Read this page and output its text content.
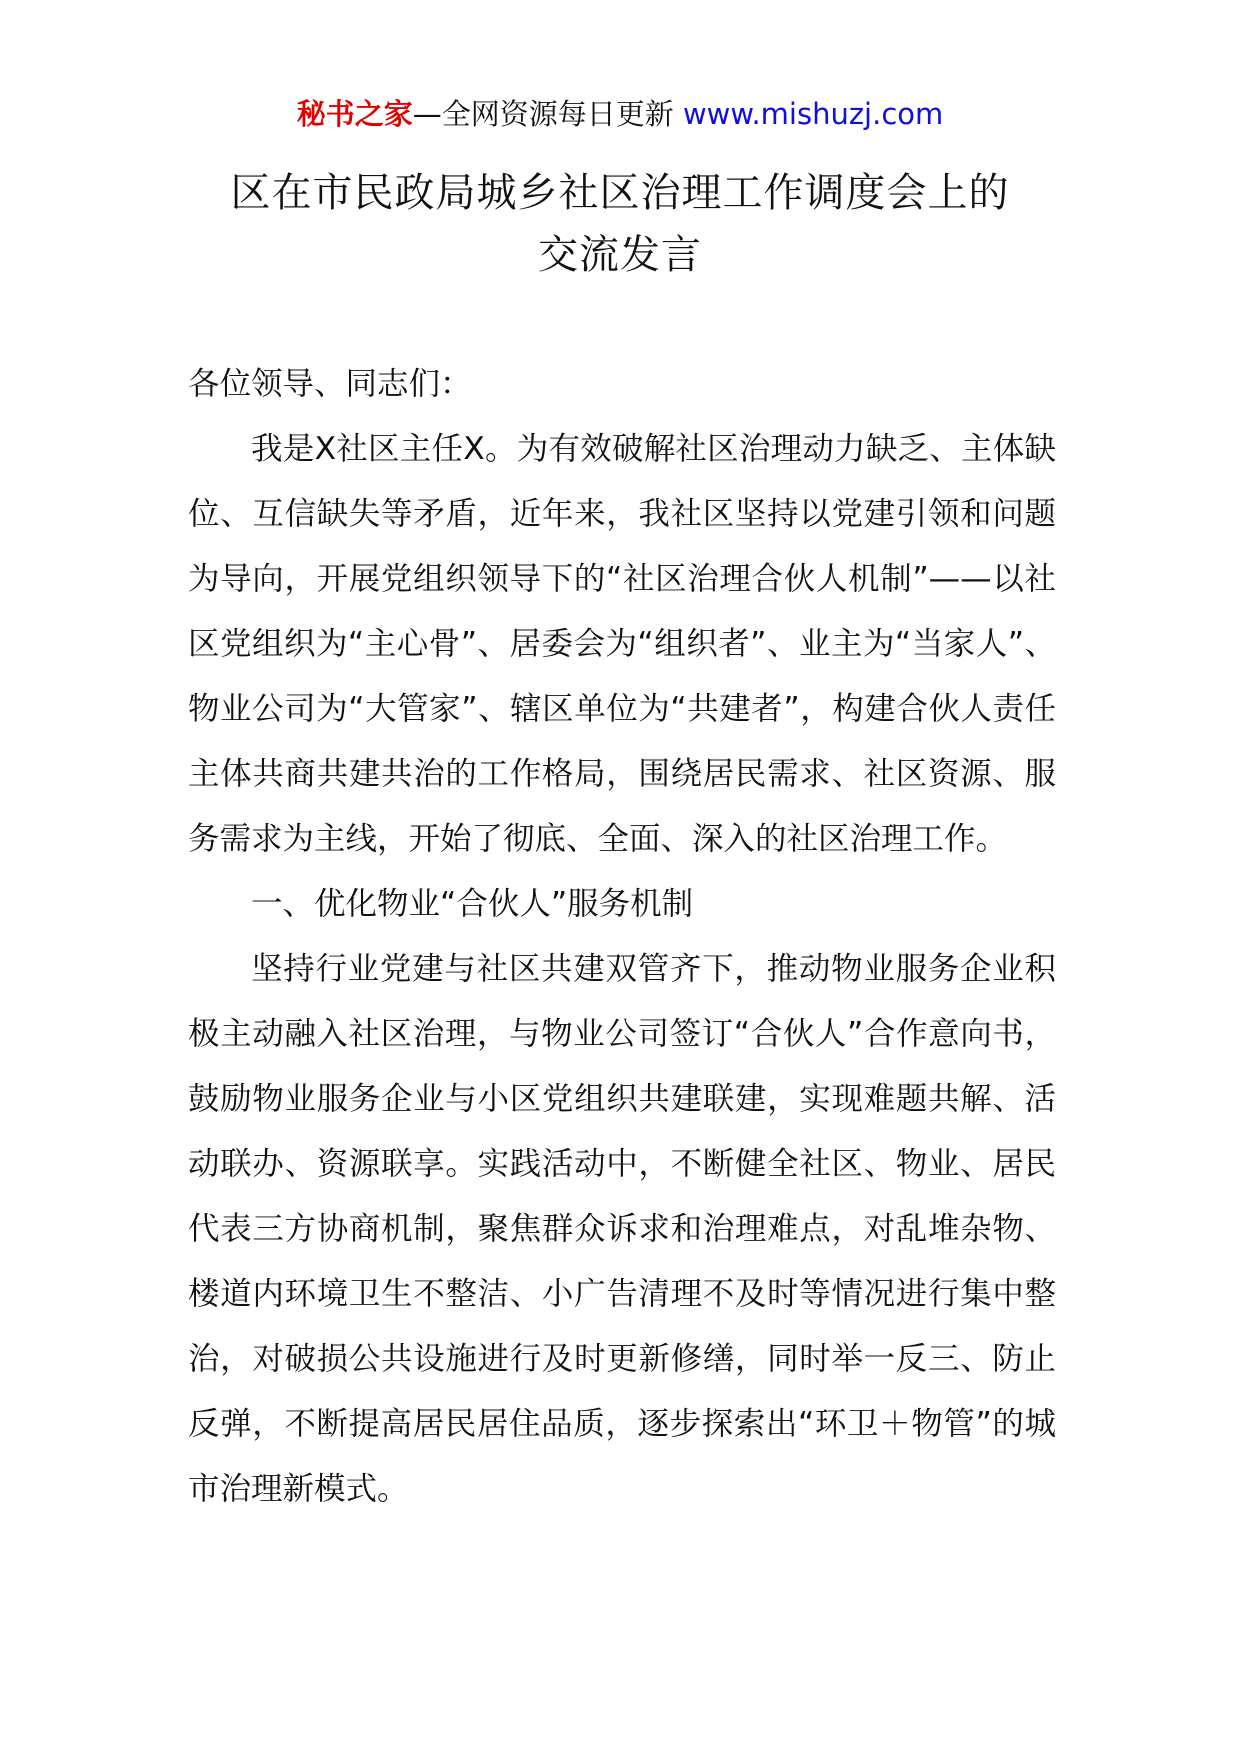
秘书之家—全网资源每日更新 www.mishuzj.com
区在市民政局城乡社区治理工作调度会上的
交流发言

各位领导、同志们：

我是X社区主任X。为有效破解社区治理动力缺乏、主体缺位、互信缺失等矛盾，近年来，我社区坚持以党建引领和问题为导向，开展党组织领导下的“社区治理合伙人机制”——以社区党组织为“主心骨”、居委会为“组织者”、业主为“当家人”、物业公司为“大管家”、辖区单位为“共建者”，构建合伙人责任主体共商共建共治的工作格局，围绕居民需求、社区资源、服务需求为主线，开始了彻底、全面、深入的社区治理工作。

一、优化物业“合伙人”服务机制

坚持行业党建与社区共建双管齐下，推动物业服务企业积极主动融入社区治理，与物业公司签订“合伙人”合作意向书，鼓励物业服务企业与小区党组织共建联建，实现难题共解、活动联办、资源联享。实践活动中，不断健全社区、物业、居民代表三方协商机制，聚焦群众诉求和治理难点，对乱堆杂物、楼道内环境卫生不整洁、小广告清理不及时等情况进行集中整治，对破损公共设施进行及时更新修缮，同时举一反三、防止反弹，不断提高居民居住品质，逐步探索出“环卫＋物管”的城市治理新模式。
